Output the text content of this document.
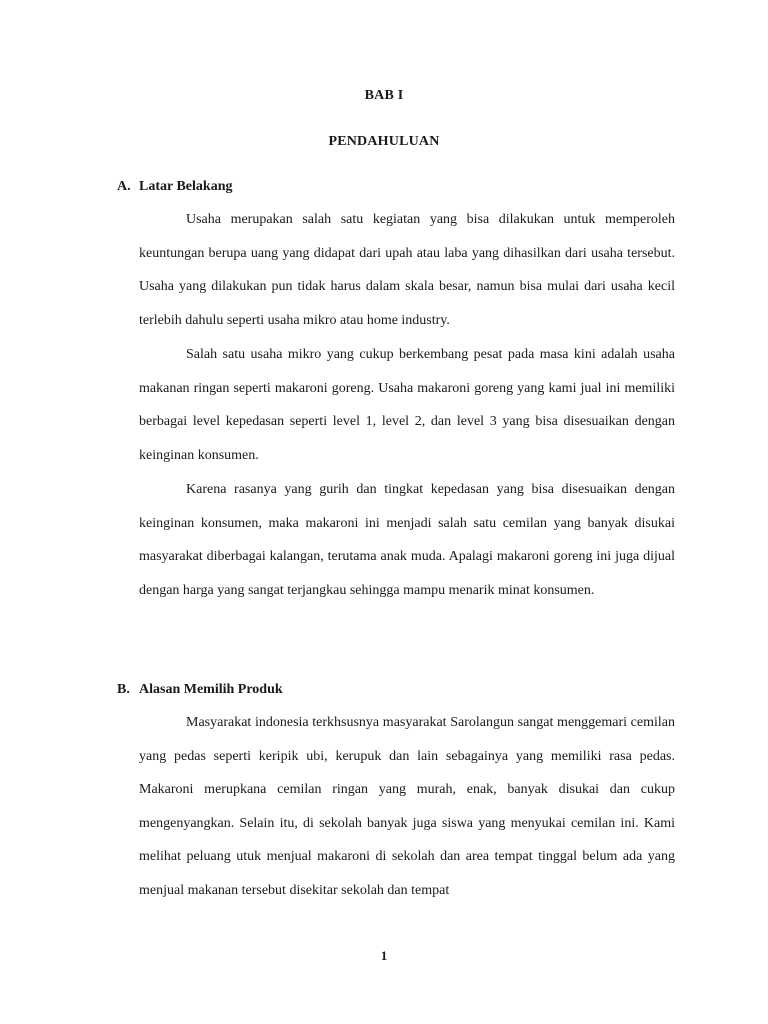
BAB I
PENDAHULUAN
A. Latar Belakang

Usaha merupakan salah satu kegiatan yang bisa dilakukan untuk memperoleh keuntungan berupa uang yang didapat dari upah atau laba yang dihasilkan dari usaha tersebut. Usaha yang dilakukan pun tidak harus dalam skala besar, namun bisa mulai dari usaha kecil terlebih dahulu seperti usaha mikro atau home industry.

Salah satu usaha mikro yang cukup berkembang pesat pada masa kini adalah usaha makanan ringan seperti makaroni goreng. Usaha makaroni goreng yang kami jual ini memiliki berbagai level kepedasan seperti level 1, level 2, dan level 3 yang bisa disesuaikan dengan keinginan konsumen.

Karena rasanya yang gurih dan tingkat kepedasan yang bisa disesuaikan dengan keinginan konsumen, maka makaroni ini menjadi salah satu cemilan yang banyak disukai masyarakat diberbagai kalangan, terutama anak muda. Apalagi makaroni goreng ini juga dijual dengan harga yang sangat terjangkau sehingga mampu menarik minat konsumen.

B. Alasan Memilih Produk

Masyarakat indonesia terkhsusnya masyarakat Sarolangun sangat menggemari cemilan yang pedas seperti keripik ubi, kerupuk dan lain sebagainya yang memiliki rasa pedas. Makaroni merupkana cemilan ringan yang murah, enak, banyak disukai dan cukup mengenyangkan. Selain itu, di sekolah banyak juga siswa yang menyukai cemilan ini. Kami melihat peluang utuk menjual makaroni di sekolah dan area tempat tinggal belum ada yang menjual makanan tersebut disekitar sekolah dan tempat

1
